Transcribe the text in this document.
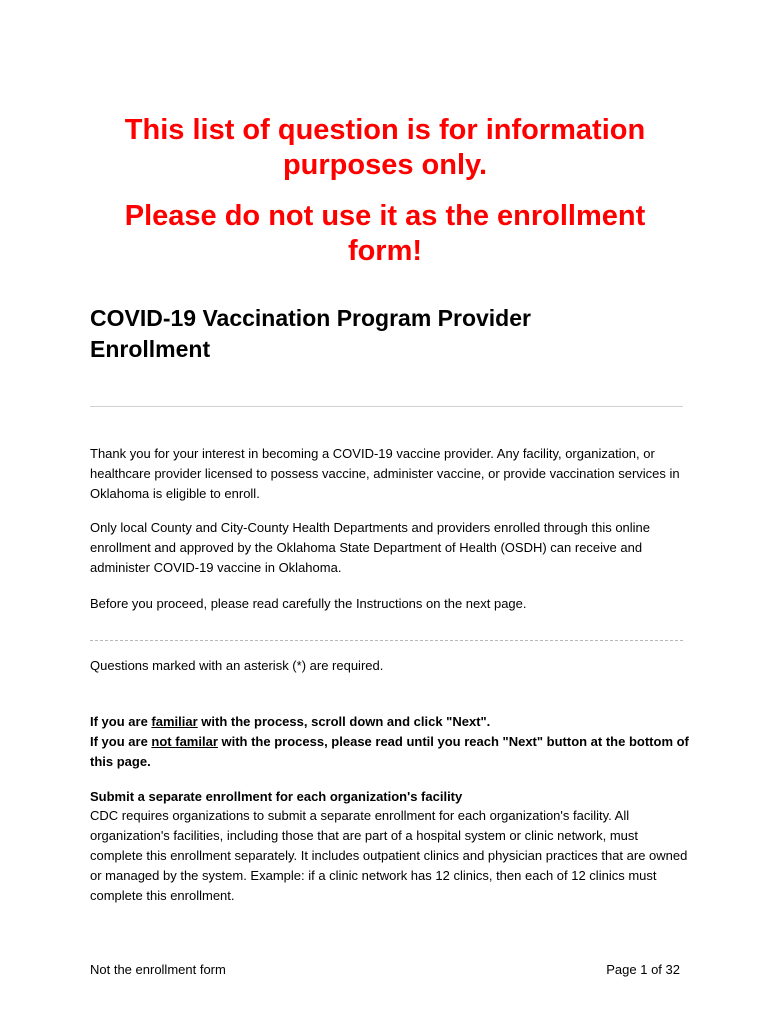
This list of question is for information purposes only.

Please do not use it as the enrollment form!

COVID-19 Vaccination Program Provider Enrollment

Thank you for your interest in becoming a COVID-19 vaccine provider. Any facility, organization, or healthcare provider licensed to possess vaccine, administer vaccine, or provide vaccination services in Oklahoma is eligible to enroll.

Only local County and City-County Health Departments and providers enrolled through this online enrollment and approved by the Oklahoma State Department of Health (OSDH) can receive and administer COVID-19 vaccine in Oklahoma.

Before you proceed, please read carefully the Instructions on the next page.

Questions marked with an asterisk (*) are required.

If you are familiar with the process, scroll down and click "Next".
If you are not familar with the process, please read until you reach "Next" button at the bottom of this page.

Submit a separate enrollment for each organization's facility

CDC requires organizations to submit a separate enrollment for each organization's facility. All organization's facilities, including those that are part of a hospital system or clinic network, must complete this enrollment separately. It includes outpatient clinics and physician practices that are owned or managed by the system. Example: if a clinic network has 12 clinics, then each of 12 clinics must complete this enrollment.

Not the enrollment form	Page 1 of 32
